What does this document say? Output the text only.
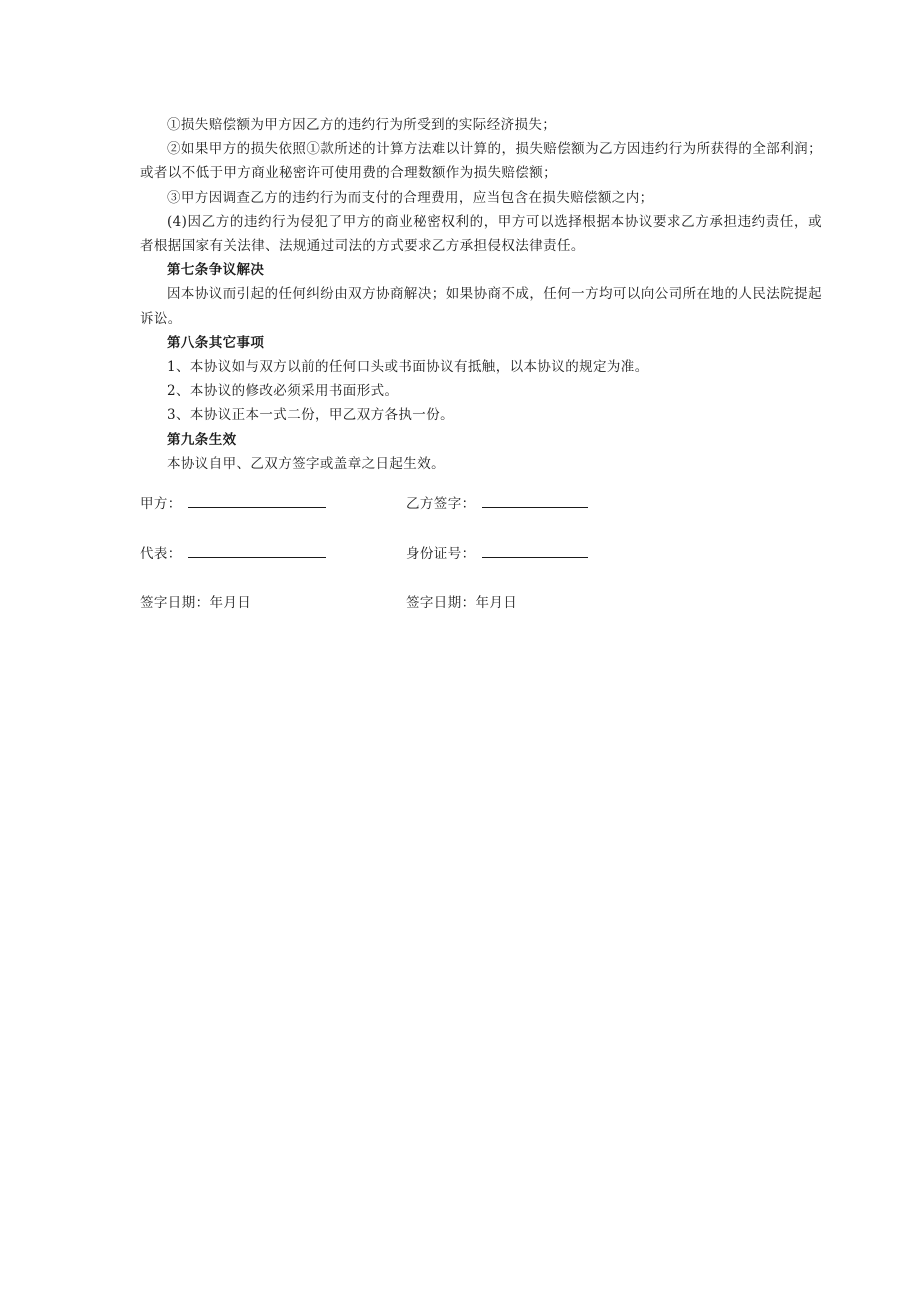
①损失赔偿额为甲方因乙方的违约行为所受到的实际经济损失；

②如果甲方的损失依照①款所述的计算方法难以计算的，损失赔偿额为乙方因违约行为所获得的全部利润；或者以不低于甲方商业秘密许可使用费的合理数额作为损失赔偿额；

③甲方因调查乙方的违约行为而支付的合理费用，应当包含在损失赔偿额之内；

(4)因乙方的违约行为侵犯了甲方的商业秘密权利的，甲方可以选择根据本协议要求乙方承担违约责任，或者根据国家有关法律、法规通过司法的方式要求乙方承担侵权法律责任。

第七条争议解决

因本协议而引起的任何纠纷由双方协商解决；如果协商不成，任何一方均可以向公司所在地的人民法院提起诉讼。

第八条其它事项

1、本协议如与双方以前的任何口头或书面协议有抵触，以本协议的规定为准。

2、本协议的修改必须采用书面形式。

3、本协议正本一式二份，甲乙双方各执一份。

第九条生效

本协议自甲、乙双方签字或盖章之日起生效。

甲方：	乙方签字：
代表：	身份证号：
签字日期：年月日	签字日期：年月日
